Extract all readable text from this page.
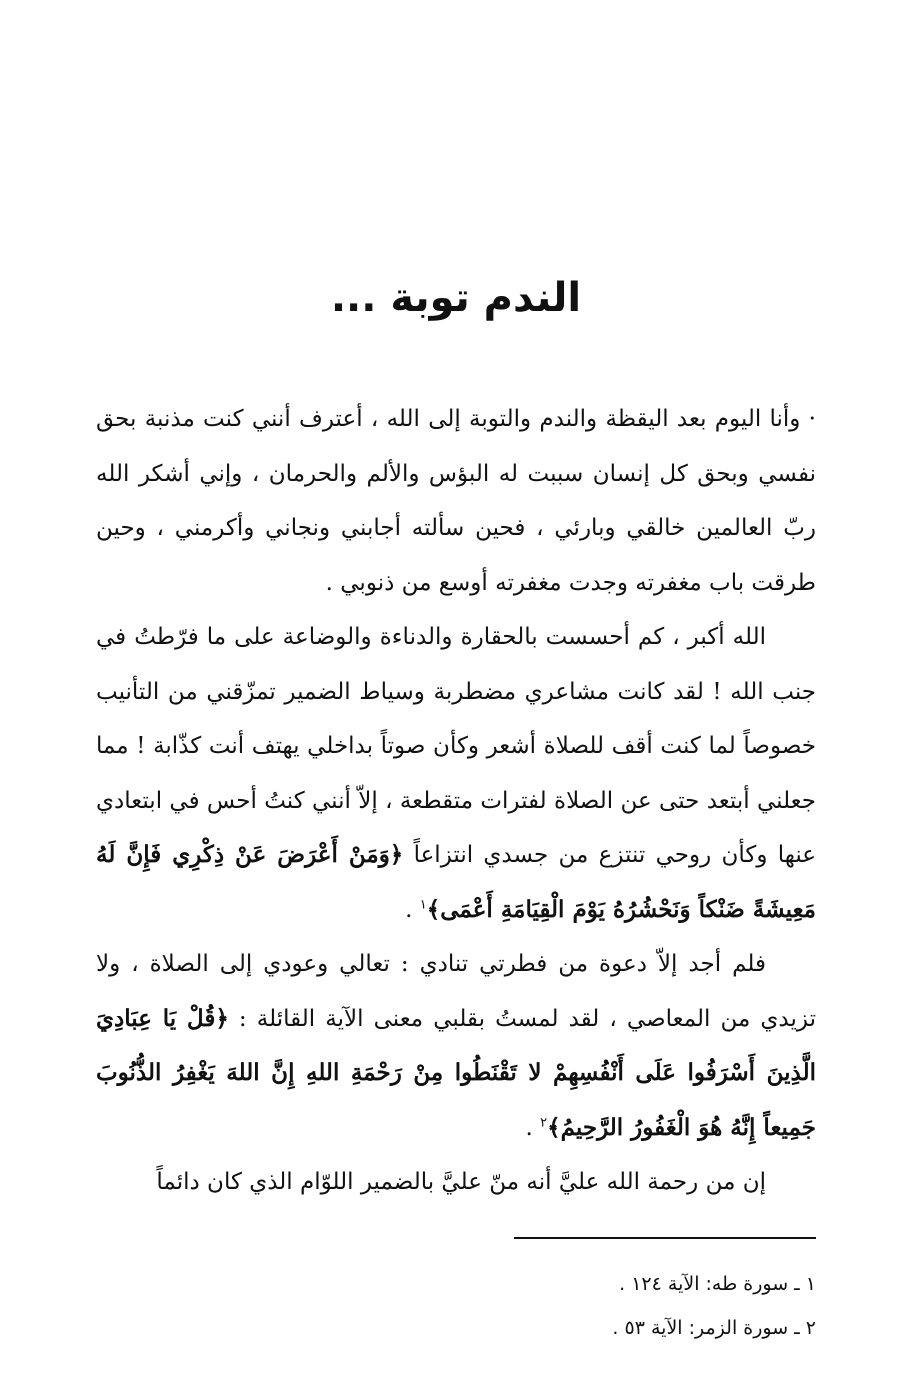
الندم توبة ...

· وأنا اليوم بعد اليقظة والندم والتوبة إلى الله ، أعترف أنني كنت مذنبة بحق نفسي وبحق كل إنسان سببت له البؤس والألم والحرمان ، وإني أشكر الله ربّ العالمين خالقي وبارئي ، فحين سألته أجابني ونجاني وأكرمني ، وحين طرقت باب مغفرته وجدت مغفرته أوسع من ذنوبي .

الله أكبر ، كم أحسست بالحقارة والدناءة والوضاعة على ما فرّطتُ في جنب الله ! لقد كانت مشاعري مضطربة وسياط الضمير تمزّقني من التأنيب خصوصاً لما كنت أقف للصلاة أشعر وكأن صوتاً بداخلي يهتف أنت كذّابة ! مما جعلني أبتعد حتى عن الصلاة لفترات متقطعة ، إلاّ أنني كنتُ أحس في ابتعادي عنها وكأن روحي تنتزع من جسدي انتزاعاً ﴿وَمَنْ أَعْرَضَ عَنْ ذِكْرِي فَإِنَّ لَهُ مَعِيشَةً ضَنْكاً وَنَحْشُرُهُ يَوْمَ الْقِيَامَةِ أَعْمَى﴾$^١$ .

فلم أجد إلاّ دعوة من فطرتي تنادي : تعالي وعودي إلى الصلاة ، ولا تزيدي من المعاصي ، لقد لمستُ بقلبي معنى الآية القائلة : ﴿قُلْ يَا عِبَادِيَ الَّذِينَ أَسْرَفُوا عَلَى أَنْفُسِهِمْ لا تَقْنَطُوا مِنْ رَحْمَةِ اللهِ إِنَّ اللهَ يَغْفِرُ الذُّنُوبَ جَمِيعاً إِنَّهُ هُوَ الْغَفُورُ الرَّحِيمُ﴾$^٢$ .

إن من رحمة الله عليَّ أنه منّ عليَّ بالضمير اللوّام الذي كان دائماً

١ ـ سورة طه: الآية ١٢٤ .

٢ ـ سورة الزمر: الآية ٥٣ .
